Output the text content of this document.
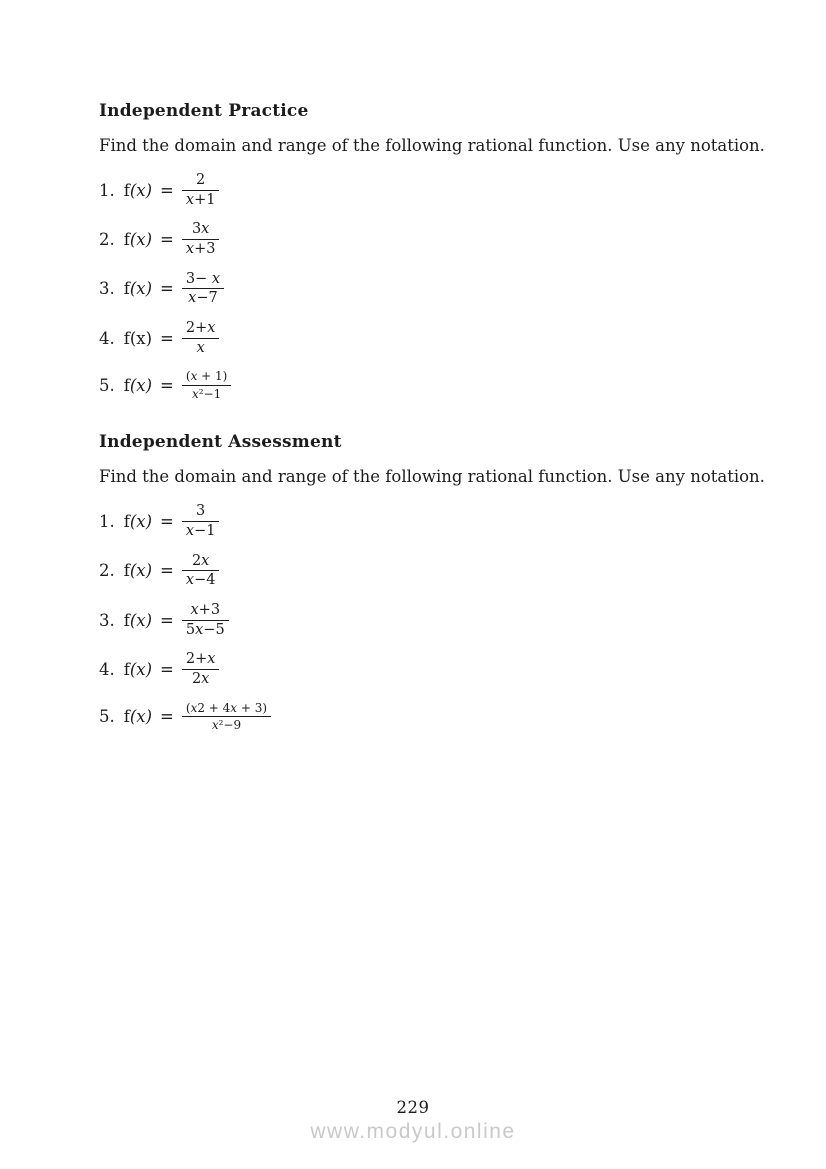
Independent Practice

Find the domain and range of the following rational function. Use any notation.

1. $f(x) = \frac{2}{x+1}$
2. $f(x) = \frac{3x}{x+3}$
3. $f(x) = \frac{3- x}{x-7}$
4. $f(x) = \frac{2+x}{x}$
5. $f(x) = \frac{(x + 1)}{\text{x²−1}}$
Independent Assessment

Find the domain and range of the following rational function. Use any notation.

1. $f(x) = \frac{3}{x-1}$
2. $f(x) = \frac{2x}{x-4}$
3. $f(x) = \frac{x+3}{5x-5}$
4. $f(x) = \frac{2+x}{2x}$
5. $f(x) = \frac{(x2 + 4x + 3)}{\text{x²−9}}$
229
www.modyul.online
